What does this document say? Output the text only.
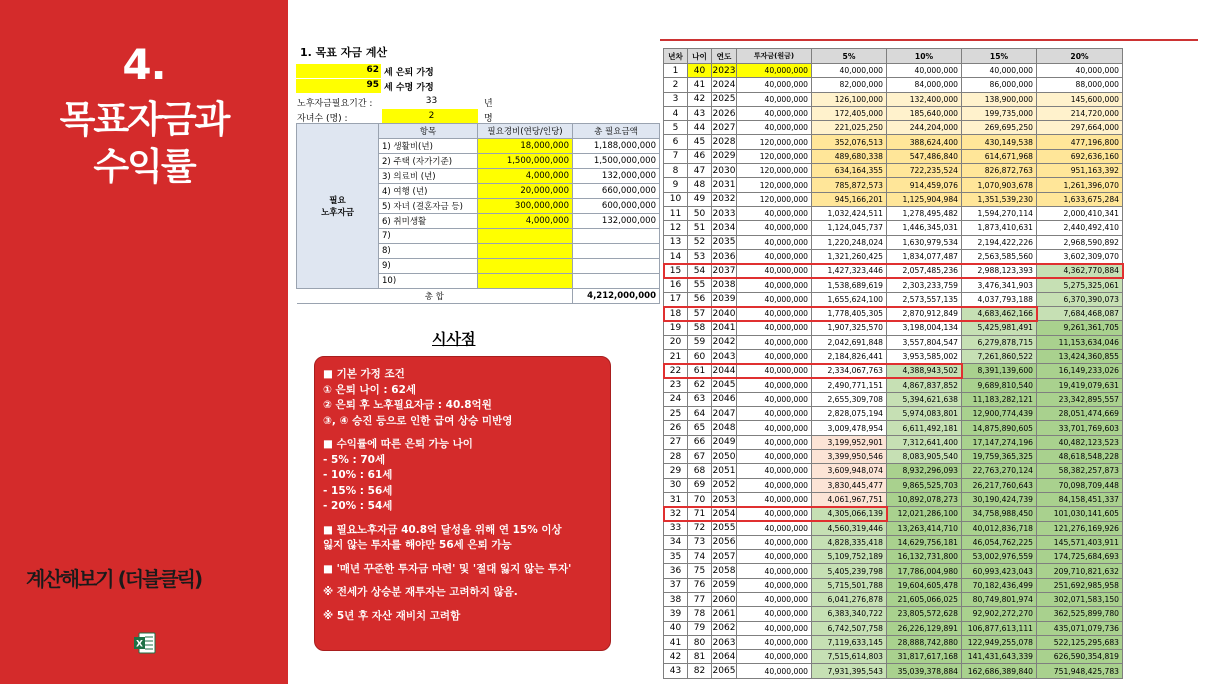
4.
목표자금과
수익률
계산해보기 (더블클릭)
X
1. 목표 자금 계산
62 세 은퇴 가정
95 세 수명 가정
노후자금필요기간 :	33	년
자녀수 (명) :	2	명
필요
노후자금	항목	필요경비(연당/인당)	총 필요금액
	1) 생활비(년)	18,000,000	1,188,000,000
	2) 주택 (자가기준)	1,500,000,000	1,500,000,000
	3) 의료비 (년)	4,000,000	132,000,000
	4) 여행 (년)	20,000,000	660,000,000
	5) 자녀 (결혼자금 등)	300,000,000	600,000,000
	6) 취미생활	4,000,000	132,000,000
	7)		
	8)		
	9)		
	10)		
총 합			4,212,000,000
시사점
■ 기본 가정 조건
① 은퇴 나이 : 62세
② 은퇴 후 노후필요자금 : 40.8억원
③, ④ 승진 등으로 인한 급여 상승 미반영
■ 수익률에 따른 은퇴 가능 나이
- 5% : 70세
- 10% : 61세
- 15% : 56세
- 20% : 54세
■ 필요노후자금 40.8억 달성을 위해 연 15% 이상
잃지 않는 투자를 해야만 56세 은퇴 가능
■ '매년 꾸준한 투자금 마련' 및 '절대 잃지 않는 투자'
※ 전세가 상승분 재투자는 고려하지 않음.
※ 5년 후 자산 재비치 고려함
년차	나이	연도	투자금(원금)	5%	10%	15%	20%
1	40	2023	40,000,000	40,000,000	40,000,000	40,000,000	40,000,000
2	41	2024	40,000,000	82,000,000	84,000,000	86,000,000	88,000,000
3	42	2025	40,000,000	126,100,000	132,400,000	138,900,000	145,600,000
4	43	2026	40,000,000	172,405,000	185,640,000	199,735,000	214,720,000
5	44	2027	40,000,000	221,025,250	244,204,000	269,695,250	297,664,000
6	45	2028	120,000,000	352,076,513	388,624,400	430,149,538	477,196,800
7	46	2029	120,000,000	489,680,338	547,486,840	614,671,968	692,636,160
8	47	2030	120,000,000	634,164,355	722,235,524	826,872,763	951,163,392
9	48	2031	120,000,000	785,872,573	914,459,076	1,070,903,678	1,261,396,070
10	49	2032	120,000,000	945,166,201	1,125,904,984	1,351,539,230	1,633,675,284
11	50	2033	40,000,000	1,032,424,511	1,278,495,482	1,594,270,114	2,000,410,341
12	51	2034	40,000,000	1,124,045,737	1,446,345,031	1,873,410,631	2,440,492,410
13	52	2035	40,000,000	1,220,248,024	1,630,979,534	2,194,422,226	2,968,590,892
14	53	2036	40,000,000	1,321,260,425	1,834,077,487	2,563,585,560	3,602,309,070
15	54	2037	40,000,000	1,427,323,446	2,057,485,236	2,988,123,393	4,362,770,884
16	55	2038	40,000,000	1,538,689,619	2,303,233,759	3,476,341,903	5,275,325,061
17	56	2039	40,000,000	1,655,624,100	2,573,557,135	4,037,793,188	6,370,390,073
18	57	2040	40,000,000	1,778,405,305	2,870,912,849	4,683,462,166	7,684,468,087
19	58	2041	40,000,000	1,907,325,570	3,198,004,134	5,425,981,491	9,261,361,705
20	59	2042	40,000,000	2,042,691,848	3,557,804,547	6,279,878,715	11,153,634,046
21	60	2043	40,000,000	2,184,826,441	3,953,585,002	7,261,860,522	13,424,360,855
22	61	2044	40,000,000	2,334,067,763	4,388,943,502	8,391,139,600	16,149,233,026
23	62	2045	40,000,000	2,490,771,151	4,867,837,852	9,689,810,540	19,419,079,631
24	63	2046	40,000,000	2,655,309,708	5,394,621,638	11,183,282,121	23,342,895,557
25	64	2047	40,000,000	2,828,075,194	5,974,083,801	12,900,774,439	28,051,474,669
26	65	2048	40,000,000	3,009,478,954	6,611,492,181	14,875,890,605	33,701,769,603
27	66	2049	40,000,000	3,199,952,901	7,312,641,400	17,147,274,196	40,482,123,523
28	67	2050	40,000,000	3,399,950,546	8,083,905,540	19,759,365,325	48,618,548,228
29	68	2051	40,000,000	3,609,948,074	8,932,296,093	22,763,270,124	58,382,257,873
30	69	2052	40,000,000	3,830,445,477	9,865,525,703	26,217,760,643	70,098,709,448
31	70	2053	40,000,000	4,061,967,751	10,892,078,273	30,190,424,739	84,158,451,337
32	71	2054	40,000,000	4,305,066,139	12,021,286,100	34,758,988,450	101,030,141,605
33	72	2055	40,000,000	4,560,319,446	13,263,414,710	40,012,836,718	121,276,169,926
34	73	2056	40,000,000	4,828,335,418	14,629,756,181	46,054,762,225	145,571,403,911
35	74	2057	40,000,000	5,109,752,189	16,132,731,800	53,002,976,559	174,725,684,693
36	75	2058	40,000,000	5,405,239,798	17,786,004,980	60,993,423,043	209,710,821,632
37	76	2059	40,000,000	5,715,501,788	19,604,605,478	70,182,436,499	251,692,985,958
38	77	2060	40,000,000	6,041,276,878	21,605,066,025	80,749,801,974	302,071,583,150
39	78	2061	40,000,000	6,383,340,722	23,805,572,628	92,902,272,270	362,525,899,780
40	79	2062	40,000,000	6,742,507,758	26,226,129,891	106,877,613,111	435,071,079,736
41	80	2063	40,000,000	7,119,633,145	28,888,742,880	122,949,255,078	522,125,295,683
42	81	2064	40,000,000	7,515,614,803	31,817,617,168	141,431,643,339	626,590,354,819
43	82	2065	40,000,000	7,931,395,543	35,039,378,884	162,686,389,840	751,948,425,783
